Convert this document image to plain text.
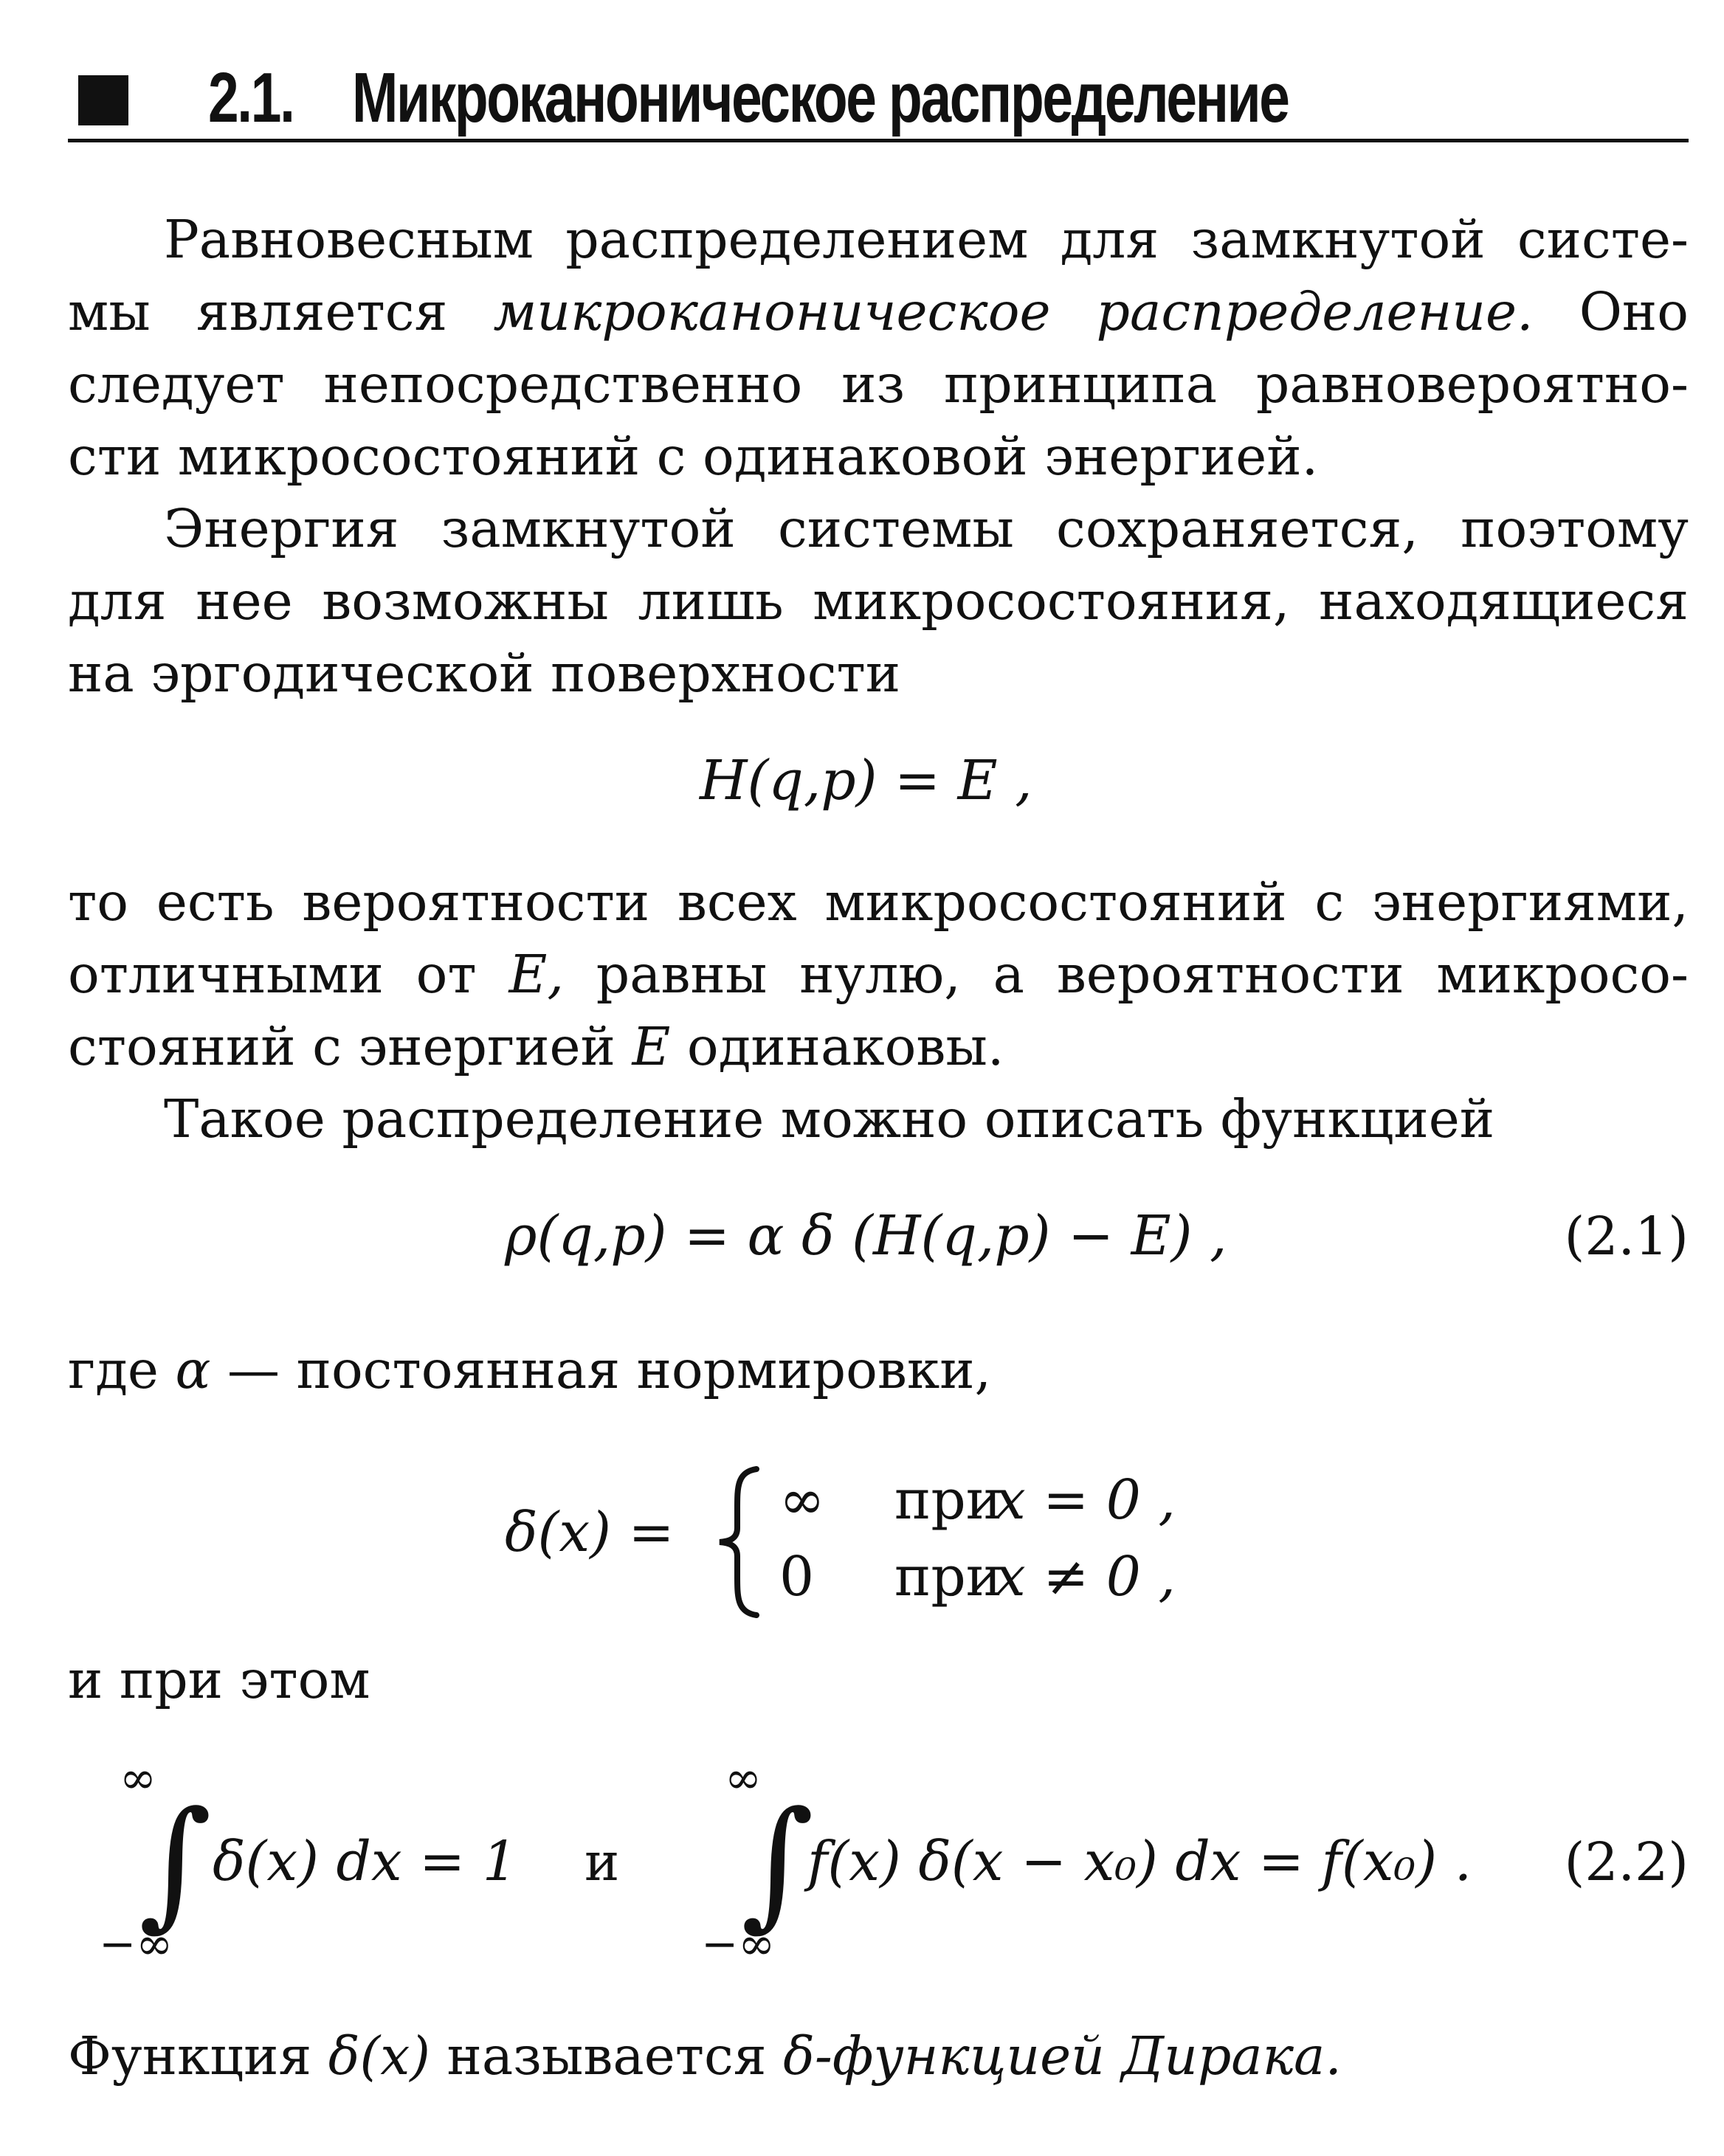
2.1. Микроканоническое распределение
Равновесным распределением для замкнутой систе-
мы является микроканоническое распределение. Оно
следует непосредственно из принципа равновероятно-
сти микросостояний с одинаковой энергией.
Энергия замкнутой системы сохраняется, поэтому
для нее возможны лишь микросостояния, находящиеся
на эргодической поверхности
H(q,p) = E ,
то есть вероятности всех микросостояний с энергиями,
отличными от E, равны нулю, а вероятности микросо-
стояний с энергией E одинаковы.
Такое распределение можно описать функцией
ρ(q,p) = α δ (H(q,p) − E) ,	(2.1)
где α — постоянная нормировки,
δ(x) =
∞ при
x = 0 ,
0 при
x ≠ 0 ,
и при этом
∞
∫
−∞
δ(x) dx = 1 и
∞
∫
−∞
f(x) δ(x − x₀) dx = f(x₀) . (2.2)
Функция δ(x) называется δ-функцией Дирака.
